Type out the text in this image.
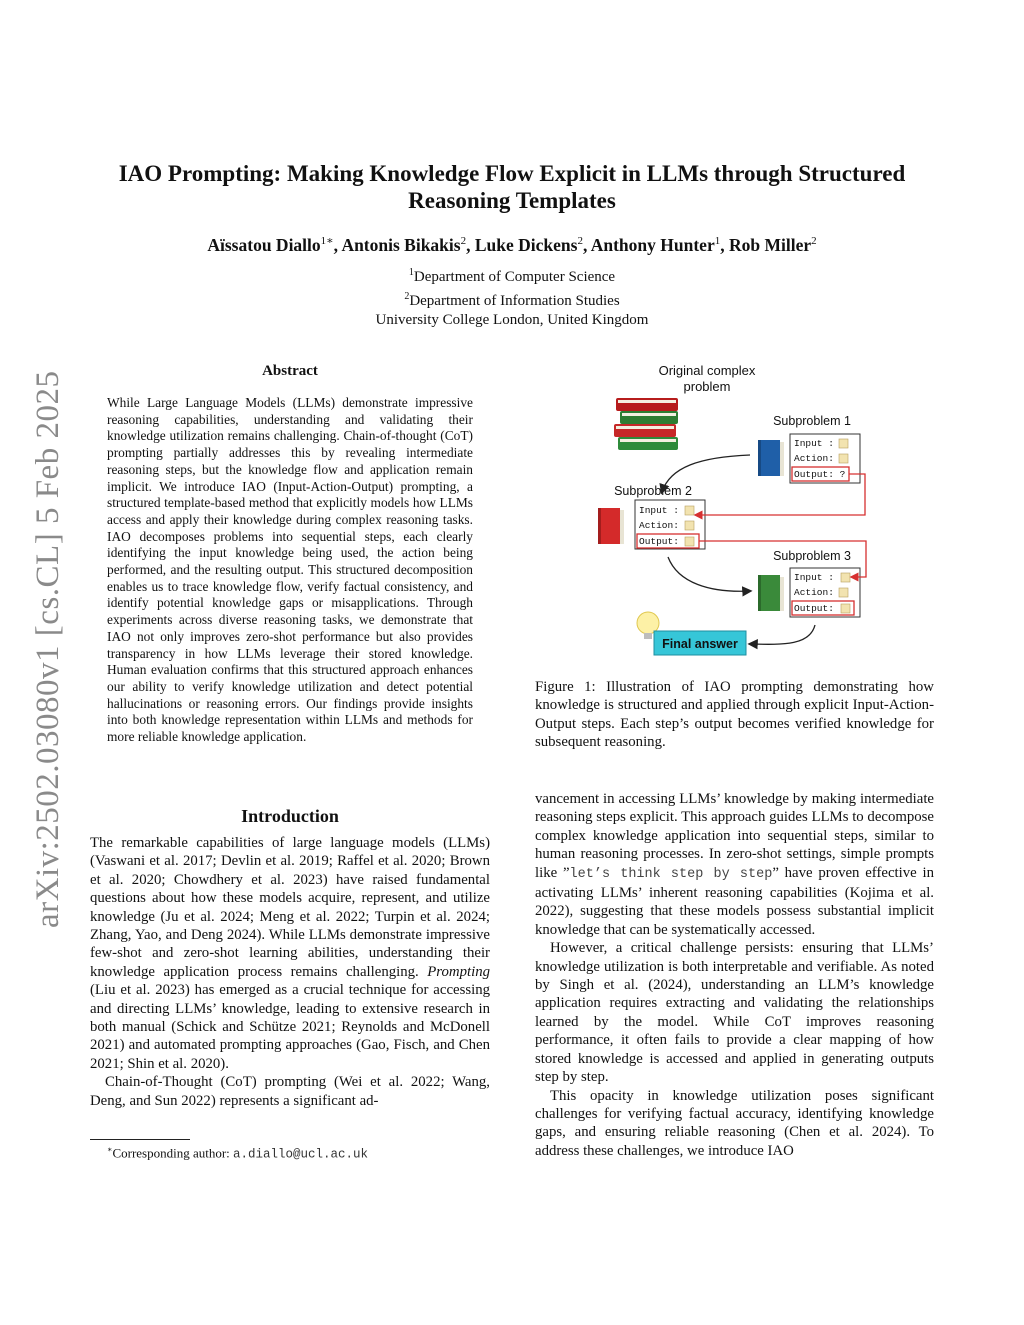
arXiv:2502.03080v1 [cs.CL] 5 Feb 2025
IAO Prompting: Making Knowledge Flow Explicit in LLMs through Structured Reasoning Templates
Aïssatou Diallo$^{1∗}$, Antonis Bikakis$^2$, Luke Dickens$^2$, Anthony Hunter$^1$, Rob Miller$^2$
$^1$Department of Computer Science
$^2$Department of Information Studies
University College London, United Kingdom
Abstract
While Large Language Models (LLMs) demonstrate impressive reasoning capabilities, understanding and validating their knowledge utilization remains challenging. Chain-of-thought (CoT) prompting partially addresses this by revealing intermediate reasoning steps, but the knowledge flow and application remain implicit. We introduce IAO (Input-Action-Output) prompting, a structured template-based method that explicitly models how LLMs access and apply their knowledge during complex reasoning tasks. IAO decomposes problems into sequential steps, each clearly identifying the input knowledge being used, the action being performed, and the resulting output. This structured decomposition enables us to trace knowledge flow, verify factual consistency, and identify potential knowledge gaps or misapplications. Through experiments across diverse reasoning tasks, we demonstrate that IAO not only improves zero-shot performance but also provides transparency in how LLMs leverage their stored knowledge. Human evaluation confirms that this structured approach enhances our ability to verify knowledge utilization and detect potential hallucinations or reasoning errors. Our findings provide insights into both knowledge representation within LLMs and methods for more reliable knowledge application.
Introduction

The remarkable capabilities of large language models (LLMs) (Vaswani et al. 2017; Devlin et al. 2019; Raffel et al. 2020; Brown et al. 2020; Chowdhery et al. 2023) have raised fundamental questions about how these models acquire, represent, and utilize knowledge (Ju et al. 2024; Meng et al. 2022; Turpin et al. 2024; Zhang, Yao, and Deng 2024). While LLMs demonstrate impressive few-shot and zero-shot learning abilities, understanding their knowledge application process remains challenging. Prompting (Liu et al. 2023) has emerged as a crucial technique for accessing and directing LLMs’ knowledge, leading to extensive research in both manual (Schick and Schütze 2021; Reynolds and McDonell 2021) and automated prompting approaches (Gao, Fisch, and Chen 2021; Shin et al. 2020).

Chain-of-Thought (CoT) prompting (Wei et al. 2022; Wang, Deng, and Sun 2022) represents a significant ad-

vancement in accessing LLMs’ knowledge by making intermediate reasoning steps explicit. This approach guides LLMs to decompose complex knowledge application into sequential steps, similar to human reasoning processes. In zero-shot settings, simple prompts like ”let’s think step by step” have proven effective in activating LLMs’ inherent reasoning capabilities (Kojima et al. 2022), suggesting that these models possess substantial implicit knowledge that can be systematically accessed.

However, a critical challenge persists: ensuring that LLMs’ knowledge utilization is both interpretable and verifiable. As noted by Singh et al. (2024), understanding an LLM’s knowledge application requires extracting and validating the relationships learned by the model. While CoT improves reasoning performance, it often fails to provide a clear mapping of how stored knowledge is accessed and applied in generating outputs step by step.

This opacity in knowledge utilization poses significant challenges for verifying factual accuracy, identifying knowledge gaps, and ensuring reliable reasoning (Chen et al. 2024). To address these challenges, we introduce IAO

∗Corresponding author: a.diallo@ucl.ac.uk
Original complex
problem
Subproblem 1
Input :
Action:
Output: ?
Subproblem 2
Input :
Action:
Output:
Subproblem 3
Input :
Action:
Output:
Final answer
Figure 1: Illustration of IAO prompting demonstrating how knowledge is structured and applied through explicit Input-Action-Output steps. Each step’s output becomes verified knowledge for subsequent reasoning.
